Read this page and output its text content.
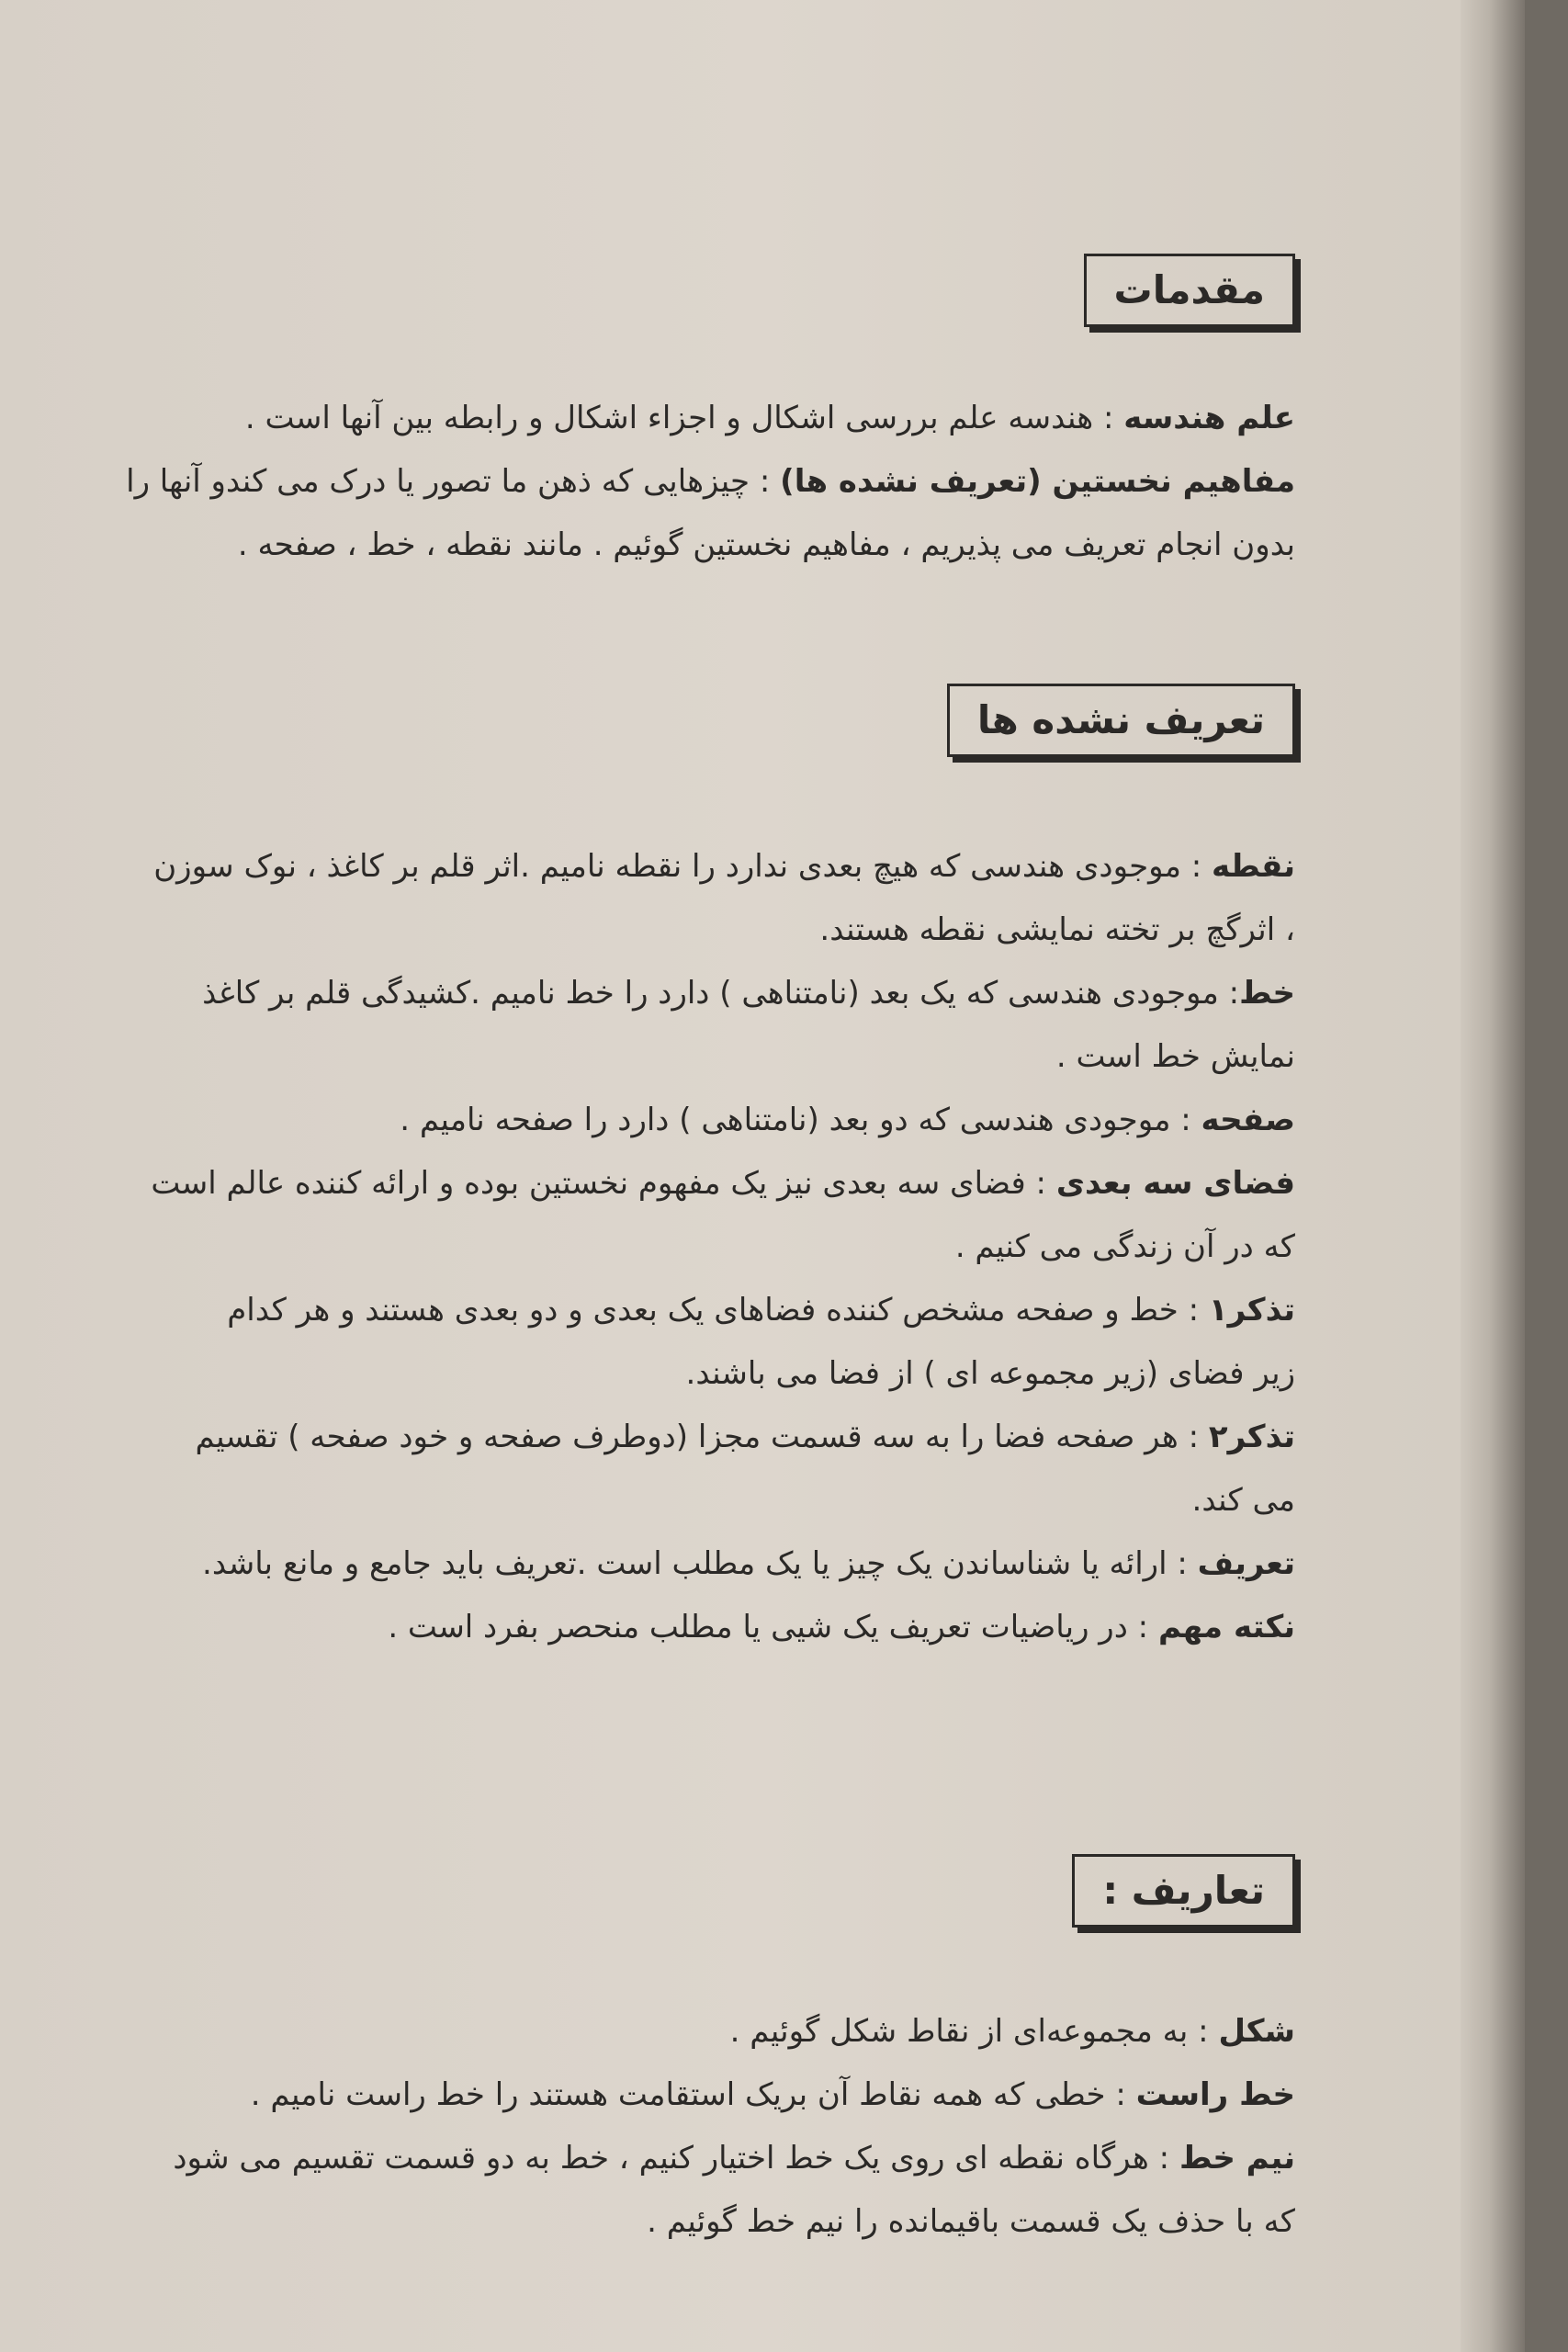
مقدمات

علم هندسه : هندسه علم بررسی اشکال و اجزاء اشکال و رابطه بین آنها است .

مفاهیم نخستین (تعریف نشده ها) : چیزهایی که ذهن ما تصور یا درک می کندو آنها را

بدون انجام تعریف می پذیریم ، مفاهیم نخستین گوئیم . مانند نقطه ، خط ، صفحه .

تعریف نشده ها

نقطه : موجودی هندسی که هیچ بعدی ندارد را نقطه نامیم .اثر قلم بر کاغذ ، نوک سوزن

، اثرگچ بر تخته نمایشی نقطه هستند.

خط: موجودی هندسی که یک بعد (نامتناهی ) دارد را خط نامیم .کشیدگی قلم بر کاغذ

نمایش خط است .

صفحه : موجودی هندسی که دو بعد (نامتناهی ) دارد را صفحه نامیم .

فضای سه بعدی : فضای سه بعدی نیز یک مفهوم نخستین بوده و ارائه کننده عالم است

که در آن زندگی می کنیم .

تذکر۱ : خط و صفحه مشخص کننده فضاهای یک بعدی و دو بعدی هستند و هر کدام

زیر فضای (زیر مجموعه ای ) از فضا می باشند.

تذکر۲ : هر صفحه فضا را به سه قسمت مجزا (دوطرف صفحه و خود صفحه ) تقسیم

می کند.

تعریف : ارائه یا شناساندن یک چیز یا یک مطلب است .تعریف باید جامع و مانع باشد.

نکته مهم : در ریاضیات تعریف یک شیی یا مطلب منحصر بفرد است .

تعاریف :

شکل : به مجموعه‌ای از نقاط شکل گوئیم .

خط راست : خطی که همه نقاط آن بریک استقامت هستند را خط راست نامیم .

نیم خط : هرگاه نقطه ای روی یک خط اختیار کنیم ، خط به دو قسمت تقسیم می شود

که با حذف یک قسمت باقیمانده را نیم خط گوئیم .
